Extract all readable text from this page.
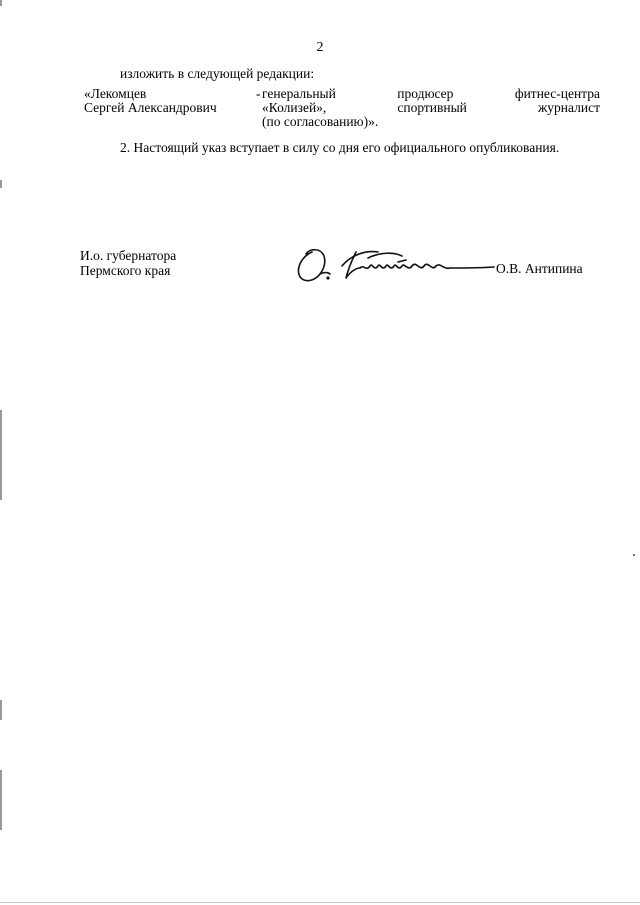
2
изложить в следующей редакции:
«Лекомцев
Сергей Александрович
- генеральный продюсер фитнес-центра
«Колизей», спортивный журналист
(по согласованию)».
2. Настоящий указ вступает в силу со дня его официального опубликования.
И.о. губернатора
Пермского края	О.В. Антипина
